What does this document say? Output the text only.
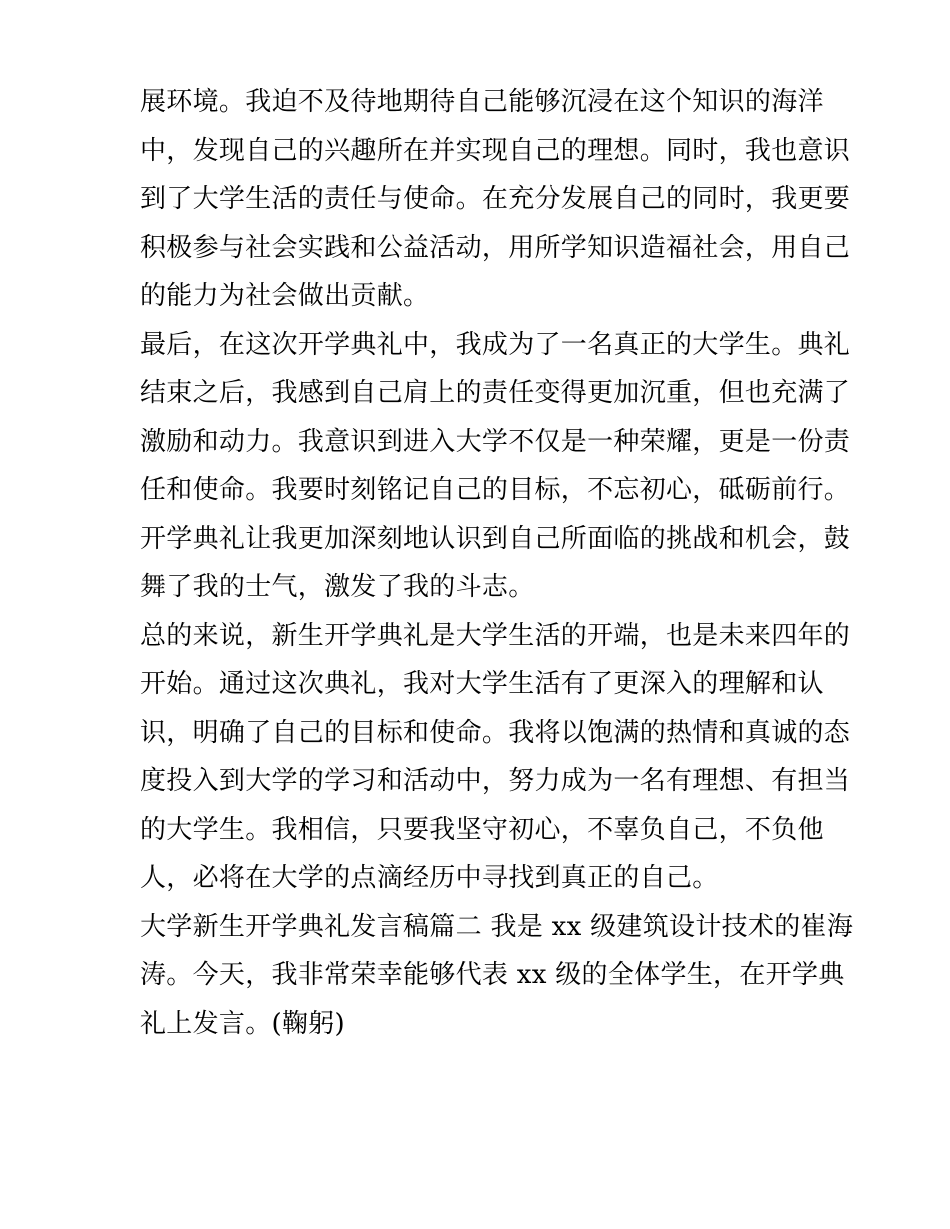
展环境。我迫不及待地期待自己能够沉浸在这个知识的海洋
中，发现自己的兴趣所在并实现自己的理想。同时，我也意识
到了大学生活的责任与使命。在充分发展自己的同时，我更要
积极参与社会实践和公益活动，用所学知识造福社会，用自己
的能力为社会做出贡献。
最后，在这次开学典礼中，我成为了一名真正的大学生。典礼
结束之后，我感到自己肩上的责任变得更加沉重，但也充满了
激励和动力。我意识到进入大学不仅是一种荣耀，更是一份责
任和使命。我要时刻铭记自己的目标，不忘初心，砥砺前行。
开学典礼让我更加深刻地认识到自己所面临的挑战和机会，鼓
舞了我的士气，激发了我的斗志。
总的来说，新生开学典礼是大学生活的开端，也是未来四年的
开始。通过这次典礼，我对大学生活有了更深入的理解和认
识，明确了自己的目标和使命。我将以饱满的热情和真诚的态
度投入到大学的学习和活动中，努力成为一名有理想、有担当
的大学生。我相信，只要我坚守初心，不辜负自己，不负他
人，必将在大学的点滴经历中寻找到真正的自己。
大学新生开学典礼发言稿篇二 我是 xx 级建筑设计技术的崔海
涛。今天，我非常荣幸能够代表 xx 级的全体学生，在开学典
礼上发言。(鞠躬)
